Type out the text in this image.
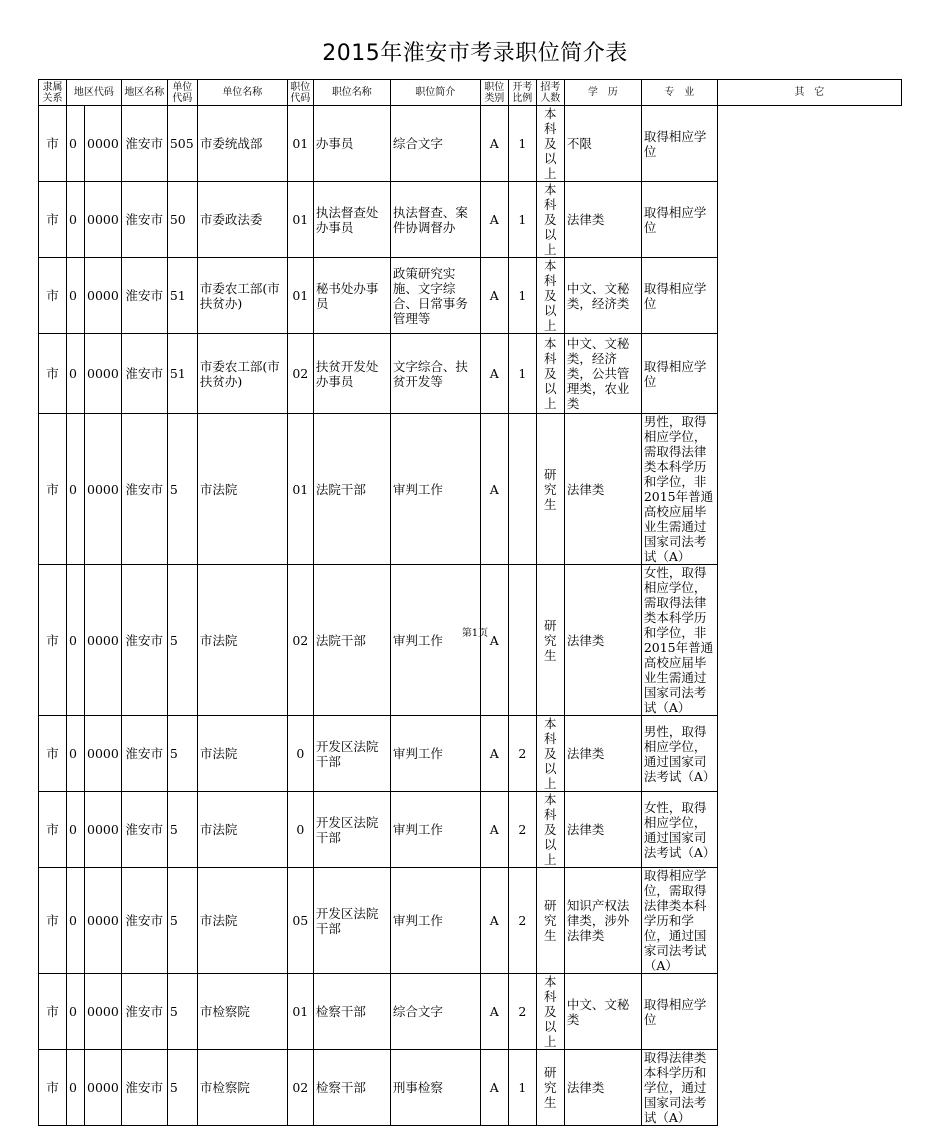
2015年淮安市考录职位简介表
隶属关系	地区代码		地区名称	单位代码	单位名称	职位代码	职位名称	职位简介	职位类别	开考比例	招考人数	学　历	专　业	其　它
市	0	0000	淮安市	505	市委统战部	01	办事员	综合文字	A	1	本科及以上	不限	取得相应学位	
市	0	0000	淮安市	50	市委政法委	01	执法督查处办事员	执法督查、案件协调督办	A	1	本科及以上	法律类	取得相应学位	
市	0	0000	淮安市	51	市委农工部(市扶贫办)	01	秘书处办事员	政策研究实施、文字综合、日常事务管理等	A	1	本科及以上	中文、文秘类，经济类	取得相应学位	
市	0	0000	淮安市	51	市委农工部(市扶贫办)	02	扶贫开发处办事员	文字综合、扶贫开发等	A	1	本科及以上	中文、文秘类，经济类，公共管理类，农业类	取得相应学位	
市	0	0000	淮安市	5	市法院	01	法院干部	审判工作	A		研究生	法律类	男性，取得相应学位，需取得法律类本科学历和学位，非2015年普通高校应届毕业生需通过国家司法考试（A）	
市	0	0000	淮安市	5	市法院	02	法院干部	审判工作	A		研究生	法律类	女性，取得相应学位，需取得法律类本科学历和学位，非2015年普通高校应届毕业生需通过国家司法考试（A）	
市	0	0000	淮安市	5	市法院	0	开发区法院干部	审判工作	A	2	本科及以上	法律类	男性，取得相应学位，通过国家司法考试（A）	
市	0	0000	淮安市	5	市法院	0	开发区法院干部	审判工作	A	2	本科及以上	法律类	女性，取得相应学位，通过国家司法考试（A）	
市	0	0000	淮安市	5	市法院	05	开发区法院干部	审判工作	A	2	研究生	知识产权法律类，涉外法律类	取得相应学位，需取得法律类本科学历和学位，通过国家司法考试（A）	
市	0	0000	淮安市	5	市检察院	01	检察干部	综合文字	A	2	本科及以上	中文、文秘类	取得相应学位	
市	0	0000	淮安市	5	市检察院	02	检察干部	刑事检察	A	1	研究生	法律类	取得法律类本科学历和学位，通过国家司法考试（A）	
第1页
